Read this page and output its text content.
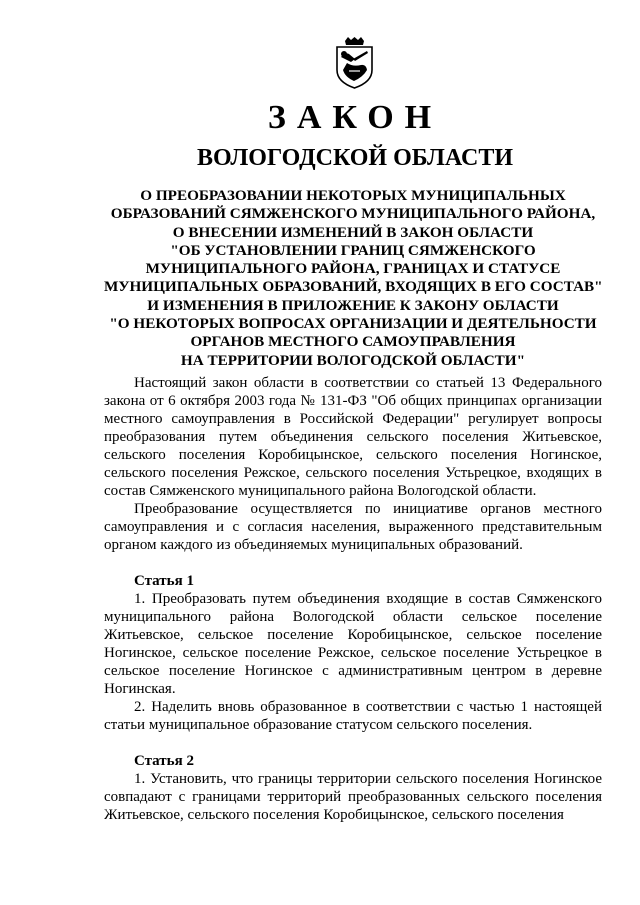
ЗАКОН
ВОЛОГОДСКОЙ ОБЛАСТИ

О ПРЕОБРАЗОВАНИИ НЕКОТОРЫХ МУНИЦИПАЛЬНЫХ
ОБРАЗОВАНИЙ СЯМЖЕНСКОГО МУНИЦИПАЛЬНОГО РАЙОНА,
О ВНЕСЕНИИ ИЗМЕНЕНИЙ В ЗАКОН ОБЛАСТИ
"ОБ УСТАНОВЛЕНИИ ГРАНИЦ СЯМЖЕНСКОГО
МУНИЦИПАЛЬНОГО РАЙОНА, ГРАНИЦАХ И СТАТУСЕ
МУНИЦИПАЛЬНЫХ ОБРАЗОВАНИЙ, ВХОДЯЩИХ В ЕГО СОСТАВ"
И ИЗМЕНЕНИЯ В ПРИЛОЖЕНИЕ К ЗАКОНУ ОБЛАСТИ
"О НЕКОТОРЫХ ВОПРОСАХ ОРГАНИЗАЦИИ И ДЕЯТЕЛЬНОСТИ
ОРГАНОВ МЕСТНОГО САМОУПРАВЛЕНИЯ
НА ТЕРРИТОРИИ ВОЛОГОДСКОЙ ОБЛАСТИ"

Настоящий закон области в соответствии со статьей 13 Федерального закона от 6 октября 2003 года № 131-ФЗ "Об общих принципах организации местного самоуправления в Российской Федерации" регулирует вопросы преобразования путем объединения сельского поселения Житьевское, сельского поселения Коробицынское, сельского поселения Ногинское, сельского поселения Режское, сельского поселения Устьрецкое, входящих в состав Сямженского муниципального района Вологодской области.

Преобразование осуществляется по инициативе органов местного самоуправления и с согласия населения, выраженного представительным органом каждого из объединяемых муниципальных образований.

Статья 1

1. Преобразовать путем объединения входящие в состав Сямженского муниципального района Вологодской области сельское поселение Житьевское, сельское поселение Коробицынское, сельское поселение Ногинское, сельское поселение Режское, сельское поселение Устьрецкое в сельское поселение Ногинское с административным центром в деревне Ногинская.

2. Наделить вновь образованное в соответствии с частью 1 настоящей статьи муниципальное образование статусом сельского поселения.

Статья 2

1. Установить, что границы территории сельского поселения Ногинское совпадают с границами территорий преобразованных сельского поселения Житьевское, сельского поселения Коробицынское, сельского поселения
